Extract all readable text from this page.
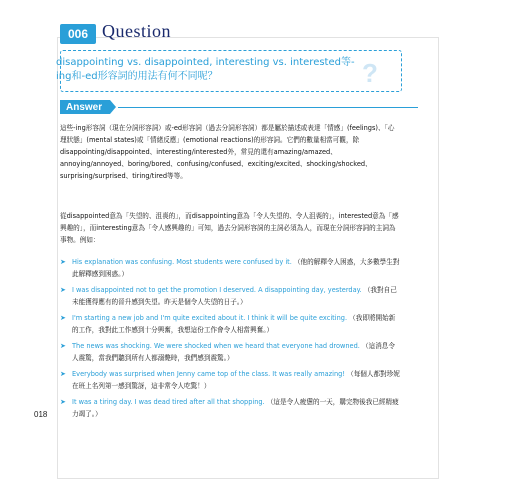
006 Question
disappointing vs. disappointed, interesting vs. interested等-ing和-ed形容詞的用法有何不同呢？	?
Answer
這些-ing形容詞（現在分詞形容詞）或-ed形容詞（過去分詞形容詞）都是屬於描述或表達「情感」(feelings)、「心理狀態」(mental states)或「情緒反應」(emotional reactions)的形容詞。它們的數量相當可觀，除disappointing/disappointed、interesting/interested外，常見的還有amazing/amazed、annoying/annoyed、boring/bored、confusing/confused、exciting/excited、shocking/shocked、surprising/surprised、tiring/tired等等。
從disappointed意為「失望的、沮喪的」，而disappointing意為「令人失望的、令人沮喪的」，interested意為「感興趣的」，而interesting意為「令人感興趣的」可知，過去分詞形容詞的主詞必須為人，而現在分詞形容詞的主詞為事物。例如：
➤ His explanation was confusing. Most students were confused by it. （他的解釋令人困惑，大多數學生對此解釋感到困惑。）
➤ I was disappointed not to get the promotion I deserved. A disappointing day, yesterday. （我對自己未能獲得應有的晉升感到失望。昨天是個令人失望的日子。）
➤ I'm starting a new job and I'm quite excited about it. I think it will be quite exciting. （我即將開始新的工作，我對此工作感到十分興奮，我想這份工作會令人相當興奮。）
➤ The news was shocking. We were shocked when we heard that everyone had drowned. （這消息令人震驚，當我們聽到所有人都溺斃時，我們感到震驚。）
➤ Everybody was surprised when Jenny came top of the class. It was really amazing! （每個人都對珍妮在班上名列第一感到驚訝，這非常令人吃驚！）
➤ It was a tiring day. I was dead tired after all that shopping. （這是令人疲憊的一天，購完物後我已經精疲力竭了。）
018
